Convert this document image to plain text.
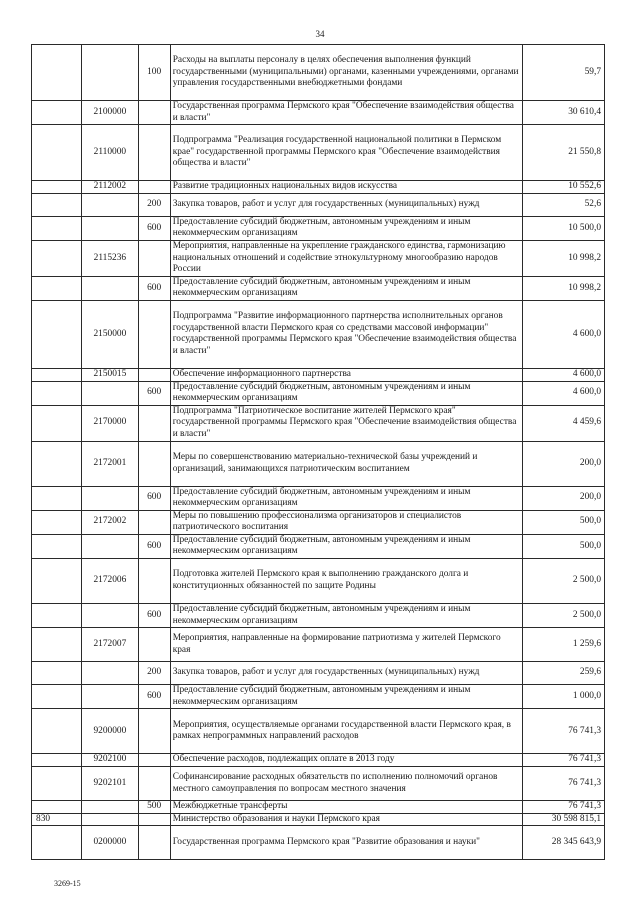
34
		100	Расходы на выплаты персоналу в целях обеспечения выполнения функций государственными (муниципальными) органами, казенными учреждениями, органами управления государственными внебюджетными фондами	59,7
	2100000		Государственная программа Пермского края "Обеспечение взаимодействия общества и власти"	30 610,4
	2110000		Подпрограмма "Реализация государственной национальной политики в Пермском крае" государственной программы Пермского края "Обеспечение взаимодействия общества и власти"	21 550,8
	2112002		Развитие традиционных национальных видов искусства	10 552,6
		200	Закупка товаров, работ и услуг для государственных (муниципальных) нужд	52,6
		600	Предоставление субсидий бюджетным, автономным учреждениям и иным некоммерческим организациям	10 500,0
	2115236		Мероприятия, направленные на укрепление гражданского единства, гармонизацию национальных отношений и содействие этнокультурному многообразию народов России	10 998,2
		600	Предоставление субсидий бюджетным, автономным учреждениям и иным некоммерческим организациям	10 998,2
	2150000		Подпрограмма "Развитие информационного партнерства исполнительных органов государственной власти Пермского края со средствами массовой информации" государственной программы Пермского края "Обеспечение взаимодействия общества и власти"	4 600,0
	2150015		Обеспечение информационного партнерства	4 600,0
		600	Предоставление субсидий бюджетным, автономным учреждениям и иным некоммерческим организациям	4 600,0
	2170000		Подпрограмма "Патриотическое воспитание жителей Пермского края" государственной программы Пермского края "Обеспечение взаимодействия общества и власти"	4 459,6
	2172001		Меры по совершенствованию материально-технической базы учреждений и организаций, занимающихся патриотическим воспитанием	200,0
		600	Предоставление субсидий бюджетным, автономным учреждениям и иным некоммерческим организациям	200,0
	2172002		Меры по повышению профессионализма организаторов и специалистов патриотического воспитания	500,0
		600	Предоставление субсидий бюджетным, автономным учреждениям и иным некоммерческим организациям	500,0
	2172006		Подготовка жителей Пермского края к выполнению гражданского долга и конституционных обязанностей по защите Родины	2 500,0
		600	Предоставление субсидий бюджетным, автономным учреждениям и иным некоммерческим организациям	2 500,0
	2172007		Мероприятия, направленные на формирование патриотизма у жителей Пермского края	1 259,6
		200	Закупка товаров, работ и услуг для государственных (муниципальных) нужд	259,6
		600	Предоставление субсидий бюджетным, автономным учреждениям и иным некоммерческим организациям	1 000,0
	9200000		Мероприятия, осуществляемые органами государственной власти Пермского края, в рамках непрограммных направлений расходов	76 741,3
	9202100		Обеспечение расходов, подлежащих оплате в 2013 году	76 741,3
	9202101		Софинансирование расходных обязательств по исполнению полномочий органов местного самоуправления по вопросам местного значения	76 741,3
		500	Межбюджетные трансферты	76 741,3
830			Министерство образования и науки Пермского края	30 598 815,1
	0200000		Государственная программа Пермского края "Развитие образования и науки"	28 345 643,9
3269-15
